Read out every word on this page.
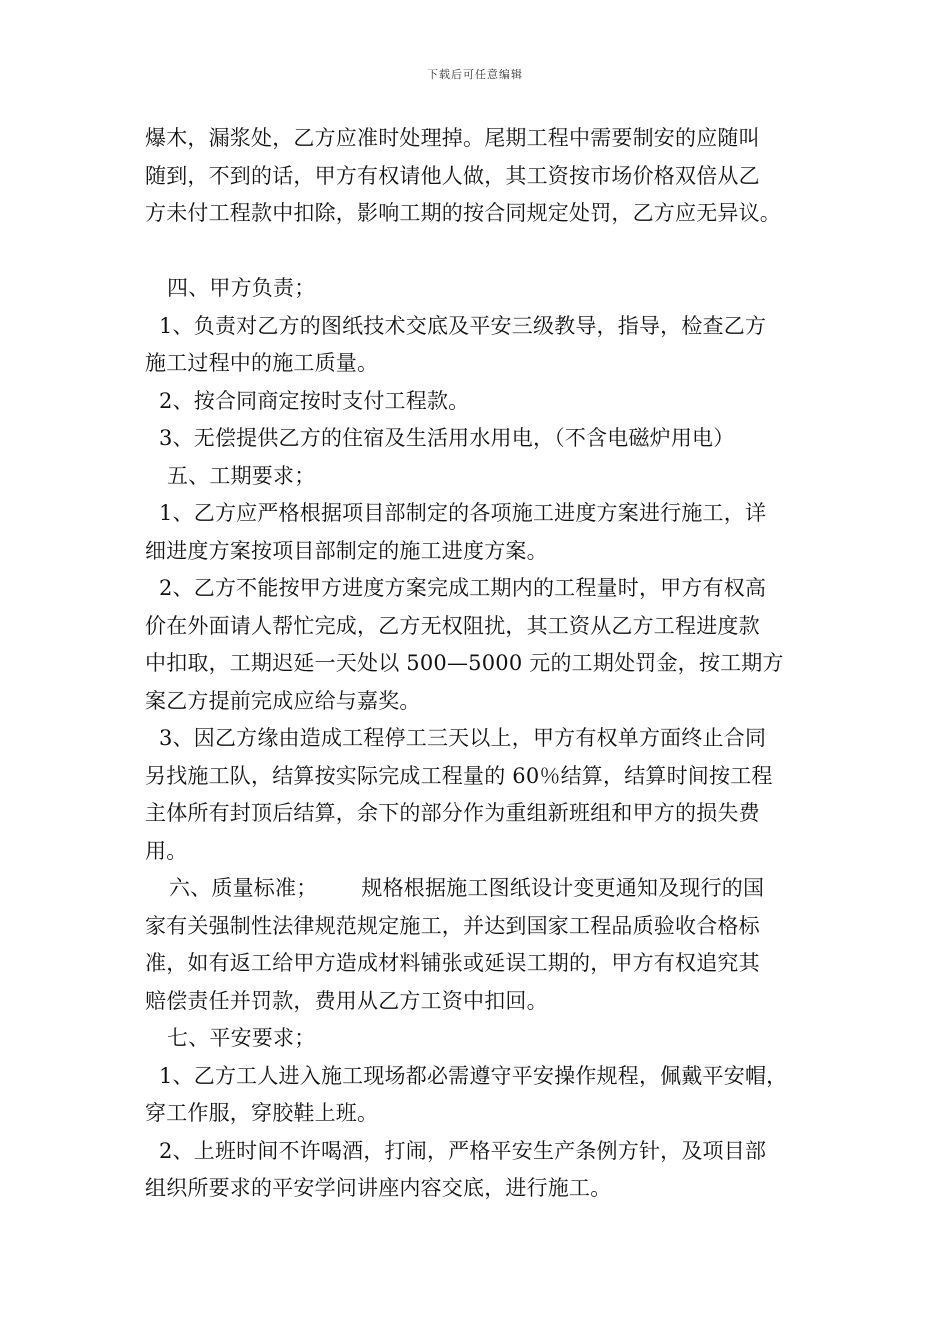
下载后可任意编辑
爆木，漏浆处，乙方应准时处理掉。尾期工程中需要制安的应随叫
随到，不到的话，甲方有权请他人做，其工资按市场价格双倍从乙
方未付工程款中扣除，影响工期的按合同规定处罚，乙方应无异议。
四、甲方负责；
1、负责对乙方的图纸技术交底及平安三级教导，指导，检查乙方
施工过程中的施工质量。
2、按合同商定按时支付工程款。
3、无偿提供乙方的住宿及生活用水用电，（不含电磁炉用电）
五、工期要求；
1、乙方应严格根据项目部制定的各项施工进度方案进行施工，详
细进度方案按项目部制定的施工进度方案。
2、乙方不能按甲方进度方案完成工期内的工程量时，甲方有权高
价在外面请人帮忙完成，乙方无权阻扰，其工资从乙方工程进度款
中扣取，工期迟延一天处以 500—5000 元的工期处罚金，按工期方
案乙方提前完成应给与嘉奖。
3、因乙方缘由造成工程停工三天以上，甲方有权单方面终止合同
另找施工队，结算按实际完成工程量的 60％结算，结算时间按工程
主体所有封顶后结算，余下的部分作为重组新班组和甲方的损失费
用。
六、质量标准； 规格根据施工图纸设计变更通知及现行的国
家有关强制性法律规范规定施工，并达到国家工程品质验收合格标
准，如有返工给甲方造成材料铺张或延误工期的，甲方有权追究其
赔偿责任并罚款，费用从乙方工资中扣回。
七、平安要求；
1、乙方工人进入施工现场都必需遵守平安操作规程，佩戴平安帽，
穿工作服，穿胶鞋上班。
2、上班时间不许喝酒，打闹，严格平安生产条例方针，及项目部
组织所要求的平安学问讲座内容交底，进行施工。
